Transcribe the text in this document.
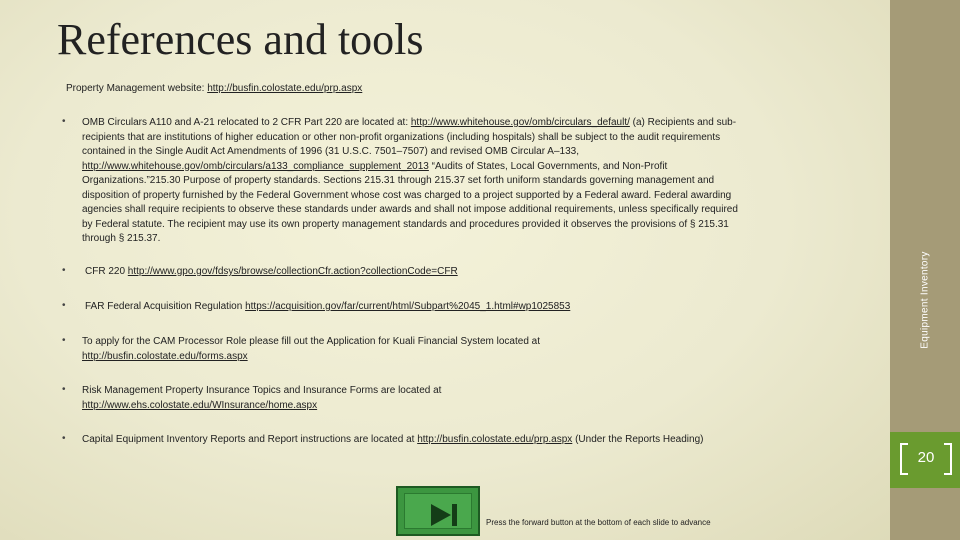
Equipment Inventory
20
References and tools
Property Management website: http://busfin.colostate.edu/prp.aspx
• OMB Circulars A110 and A-21 relocated to 2 CFR Part 220 are located at: http://www.whitehouse.gov/omb/circulars_default/ (a) Recipients and sub-recipients that are institutions of higher education or other non-profit organizations (including hospitals) shall be subject to the audit requirements contained in the Single Audit Act Amendments of 1996 (31 U.S.C. 7501–7507) and revised OMB Circular A–133, http://www.whitehouse.gov/omb/circulars/a133_compliance_supplement_2013 “Audits of States, Local Governments, and Non-Profit Organizations.”215.30 Purpose of property standards. Sections 215.31 through 215.37 set forth uniform standards governing management and disposition of property furnished by the Federal Government whose cost was charged to a project supported by a Federal award. Federal awarding agencies shall require recipients to observe these standards under awards and shall not impose additional requirements, unless specifically required by Federal statute. The recipient may use its own property management standards and procedures provided it observes the provisions of § 215.31 through § 215.37.
• CFR 220 http://www.gpo.gov/fdsys/browse/collectionCfr.action?collectionCode=CFR
• FAR Federal Acquisition Regulation https://acquisition.gov/far/current/html/Subpart%2045_1.html#wp1025853
• To apply for the CAM Processor Role please fill out the Application for Kuali Financial System located at
http://busfin.colostate.edu/forms.aspx
• Risk Management Property Insurance Topics and Insurance Forms are located at
http://www.ehs.colostate.edu/WInsurance/home.aspx
• Capital Equipment Inventory Reports and Report instructions are located at http://busfin.colostate.edu/prp.aspx (Under the Reports Heading)
Press the forward button at the bottom of each slide to advance
